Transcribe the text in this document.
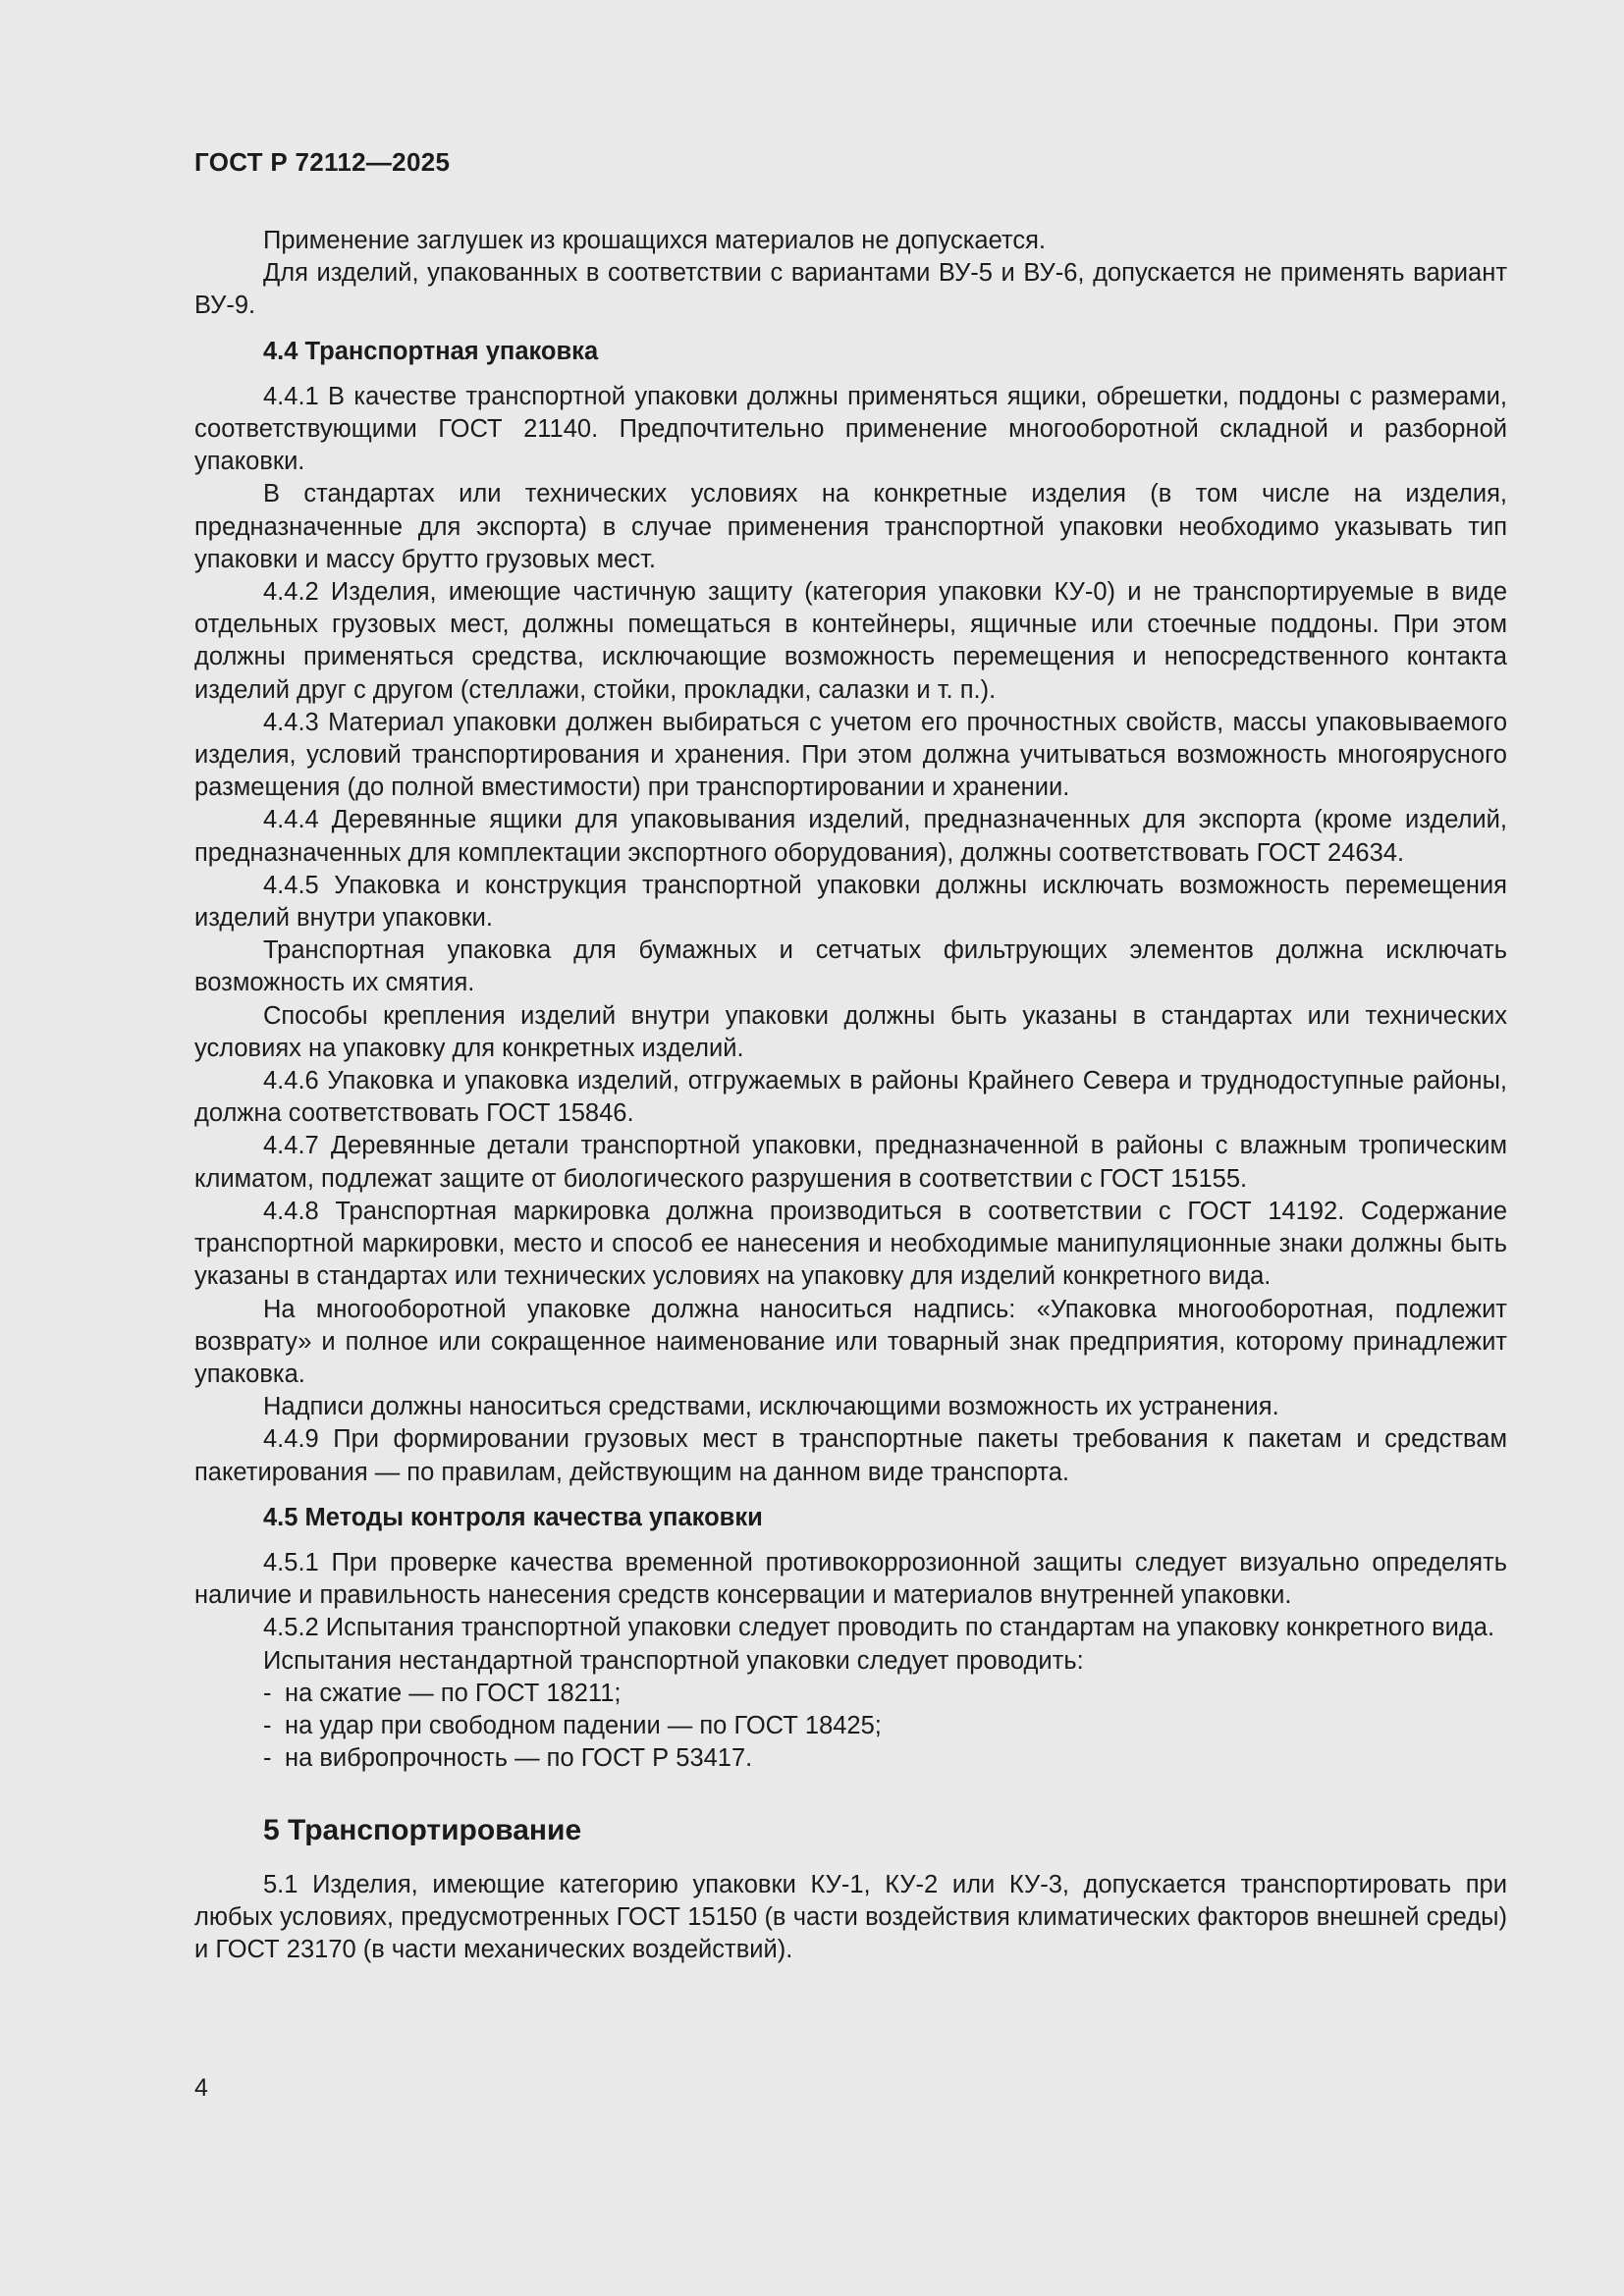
ГОСТ Р 72112—2025
Применение заглушек из крошащихся материалов не допускается.
Для изделий, упакованных в соответствии с вариантами ВУ-5 и ВУ-6, допускается не применять вариант ВУ-9.
4.4 Транспортная упаковка
4.4.1 В качестве транспортной упаковки должны применяться ящики, обрешетки, поддоны с размерами, соответствующими ГОСТ 21140. Предпочтительно применение многооборотной складной и разборной упаковки.
В стандартах или технических условиях на конкретные изделия (в том числе на изделия, предназначенные для экспорта) в случае применения транспортной упаковки необходимо указывать тип упаковки и массу брутто грузовых мест.
4.4.2 Изделия, имеющие частичную защиту (категория упаковки КУ-0) и не транспортируемые в виде отдельных грузовых мест, должны помещаться в контейнеры, ящичные или стоечные поддоны. При этом должны применяться средства, исключающие возможность перемещения и непосредственного контакта изделий друг с другом (стеллажи, стойки, прокладки, салазки и т. п.).
4.4.3 Материал упаковки должен выбираться с учетом его прочностных свойств, массы упаковываемого изделия, условий транспортирования и хранения. При этом должна учитываться возможность многоярусного размещения (до полной вместимости) при транспортировании и хранении.
4.4.4 Деревянные ящики для упаковывания изделий, предназначенных для экспорта (кроме изделий, предназначенных для комплектации экспортного оборудования), должны соответствовать ГОСТ 24634.
4.4.5 Упаковка и конструкция транспортной упаковки должны исключать возможность перемещения изделий внутри упаковки.
Транспортная упаковка для бумажных и сетчатых фильтрующих элементов должна исключать возможность их смятия.
Способы крепления изделий внутри упаковки должны быть указаны в стандартах или технических условиях на упаковку для конкретных изделий.
4.4.6 Упаковка и упаковка изделий, отгружаемых в районы Крайнего Севера и труднодоступные районы, должна соответствовать ГОСТ 15846.
4.4.7 Деревянные детали транспортной упаковки, предназначенной в районы с влажным тропическим климатом, подлежат защите от биологического разрушения в соответствии с ГОСТ 15155.
4.4.8 Транспортная маркировка должна производиться в соответствии с ГОСТ 14192. Содержание транспортной маркировки, место и способ ее нанесения и необходимые манипуляционные знаки должны быть указаны в стандартах или технических условиях на упаковку для изделий конкретного вида.
На многооборотной упаковке должна наноситься надпись: «Упаковка многооборотная, подлежит возврату» и полное или сокращенное наименование или товарный знак предприятия, которому принадлежит упаковка.
Надписи должны наноситься средствами, исключающими возможность их устранения.
4.4.9 При формировании грузовых мест в транспортные пакеты требования к пакетам и средствам пакетирования — по правилам, действующим на данном виде транспорта.
4.5 Методы контроля качества упаковки
4.5.1 При проверке качества временной противокоррозионной защиты следует визуально определять наличие и правильность нанесения средств консервации и материалов внутренней упаковки.
4.5.2 Испытания транспортной упаковки следует проводить по стандартам на упаковку конкретного вида.
Испытания нестандартной транспортной упаковки следует проводить:
- на сжатие — по ГОСТ 18211;
- на удар при свободном падении — по ГОСТ 18425;
- на вибропрочность — по ГОСТ Р 53417.
5 Транспортирование
5.1 Изделия, имеющие категорию упаковки КУ-1, КУ-2 или КУ-3, допускается транспортировать при любых условиях, предусмотренных ГОСТ 15150 (в части воздействия климатических факторов внешней среды) и ГОСТ 23170 (в части механических воздействий).
4
